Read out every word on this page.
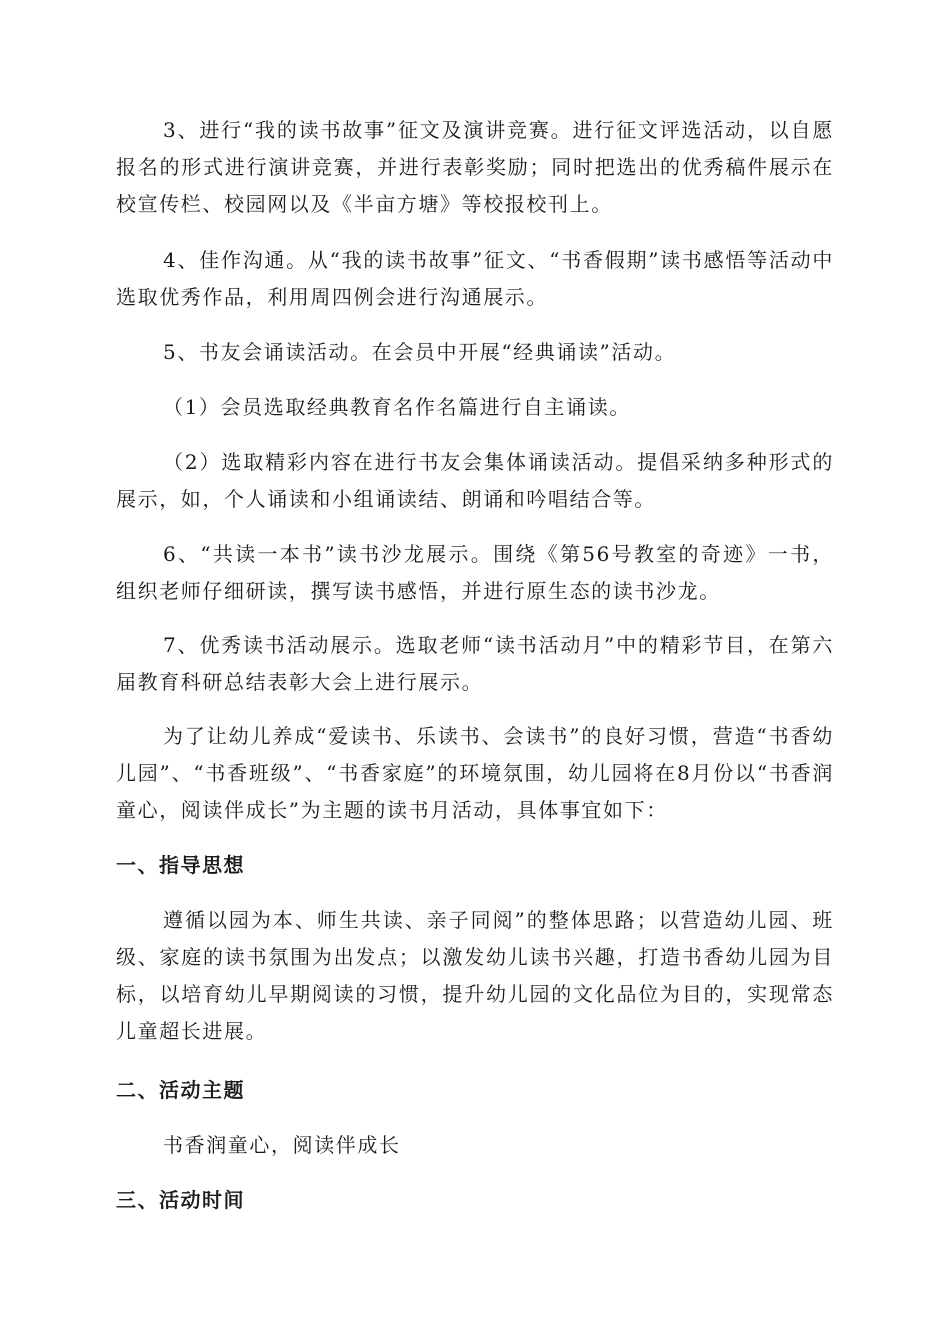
3、进行“我的读书故事”征文及演讲竞赛。进行征文评选活动，以自愿报名的形式进行演讲竞赛，并进行表彰奖励；同时把选出的优秀稿件展示在校宣传栏、校园网以及《半亩方塘》等校报校刊上。

4、佳作沟通。从“我的读书故事”征文、“书香假期”读书感悟等活动中选取优秀作品，利用周四例会进行沟通展示。

5、书友会诵读活动。在会员中开展“经典诵读”活动。

（1）会员选取经典教育名作名篇进行自主诵读。

（2）选取精彩内容在进行书友会集体诵读活动。提倡采纳多种形式的展示，如，个人诵读和小组诵读结、朗诵和吟唱结合等。

6、“共读一本书”读书沙龙展示。围绕《第56号教室的奇迹》一书，组织老师仔细研读，撰写读书感悟，并进行原生态的读书沙龙。

7、优秀读书活动展示。选取老师“读书活动月”中的精彩节目，在第六届教育科研总结表彰大会上进行展示。

为了让幼儿养成“爱读书、乐读书、会读书”的良好习惯，营造“书香幼儿园”、“书香班级”、“书香家庭”的环境氛围，幼儿园将在8月份以“书香润童心，阅读伴成长”为主题的读书月活动，具体事宜如下：

一、指导思想

遵循以园为本、师生共读、亲子同阅”的整体思路；以营造幼儿园、班级、家庭的读书氛围为出发点；以激发幼儿读书兴趣，打造书香幼儿园为目标，以培育幼儿早期阅读的习惯，提升幼儿园的文化品位为目的，实现常态儿童超长进展。

二、活动主题

书香润童心，阅读伴成长

三、活动时间
